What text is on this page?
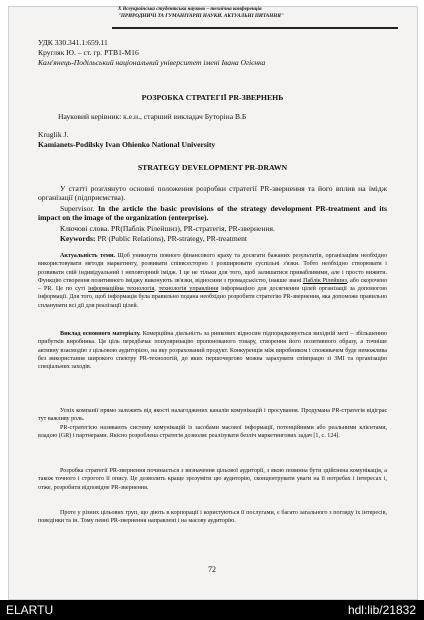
X Всеукраїнська студентська науково – технічна конференція
"ПРИРОДНИЧІ ТА ГУМАНІТАРНІ НАУКИ. АКТУАЛЬНІ ПИТАННЯ"
УДК 330.341.1:659.11
Кругляк Ю. – ст. гр. РТВ1-М16
Кам'янець-Подільський національний університет імені Івана Огієнка
РОЗРОБКА СТРАТЕГІЇ PR-ЗВЕРНЕНЬ
Науковий керівник: к.е.н., старший викладач Буторіна В.Б
Kruglik J.
Kamianets-Podilsky Ivan Ohienko National University
STRATEGY DEVELOPMENT PR-DRAWN
У статті розглянуто основні положення розробки стратегії PR-звернення та його вплив на імідж організації (підприємства).
Supervisor. In the article the basic provisions of the strategy development PR-treatment and its impact on the image of the organization (enterprise).
Ключові слова. PR(Паблік Рілейшнз), PR-стратегія, PR-звернення.
Keywords: PR (Public Relations), PR-strategy, PR-treatment
Актуальність теми. Щоб уникнути повного фінансового краху та досягати бажаних результатів, організаціям необхідно використовувати методи маркетингу, розвивати співвсесторно і розширювати суспільні з'язки. Тобто необхідно створювати і розвивати свій індивідуальний і неповторний імідж. І це не тільки для того, щоб залишатися привабливими, але і просто вижити. Функцію створення позитивного іміджу виконують зв'язки, відносини з громадськістю, інакше звані Паблік Рілейшнз, або скорочено – PR. Це по суті інформаційна технологія, технологія управління інформацією для досягнення цілей організації за допомогою інформації. Для того, щоб інформація була правильно подана необхідно розробити стратегію PR-звернення, яка допоможе правильно спланувати всі дії для реалізації цілей.
Виклад основного матеріалу. Комерційна діяльність за ринкових відносин підпорядковується вихідній меті – збільшенню прибутків виробника. Ця ціль передбачає популяризацію пропонованого товару, створення його позитивного образу, а точніше активну взаємодію з цільовою аудиторією, на яку розрахований продукт. Конкуренція між виробником і споживачем буде неможлива без використання широкого спектру PR-технологій, до яких першочергово можна зарахувати співпрацю зі ЗМІ та організацію спеціальних заходів.
Успіх компанії прямо залежить від якості налагоджених каналів комунікацій і просування. Продумана PR-стратегія відіграє тут важливу роль.
PR-стратегією називають систему комунікацій із засобами масової інформації, потенційними або реальними клієнтами, владою (GR) і партнерами. Якісно розроблена стратегія дозволяє реалізувати безліч маркетингових задач [1, с. 124].
Розробка стратегії PR-звернення починається з визначення цільової аудиторії, з якою повинна бути здійснена комунікація, а також точного і строгого її опису. Це дозволить краще зрозуміти цю аудиторію, сконцентрувати уваги на її потребах і інтересах і, отже, розробити відповідне PR-звернення.
Проте у різних цільових груп, що діють в корпорації і користуються її послугами, є багато загального з погляду їх інтересів, поведінки та ін. Тому певні PR-звернення направлені і на масову аудиторію.
72
ELARTU	hdl:lib/21832
